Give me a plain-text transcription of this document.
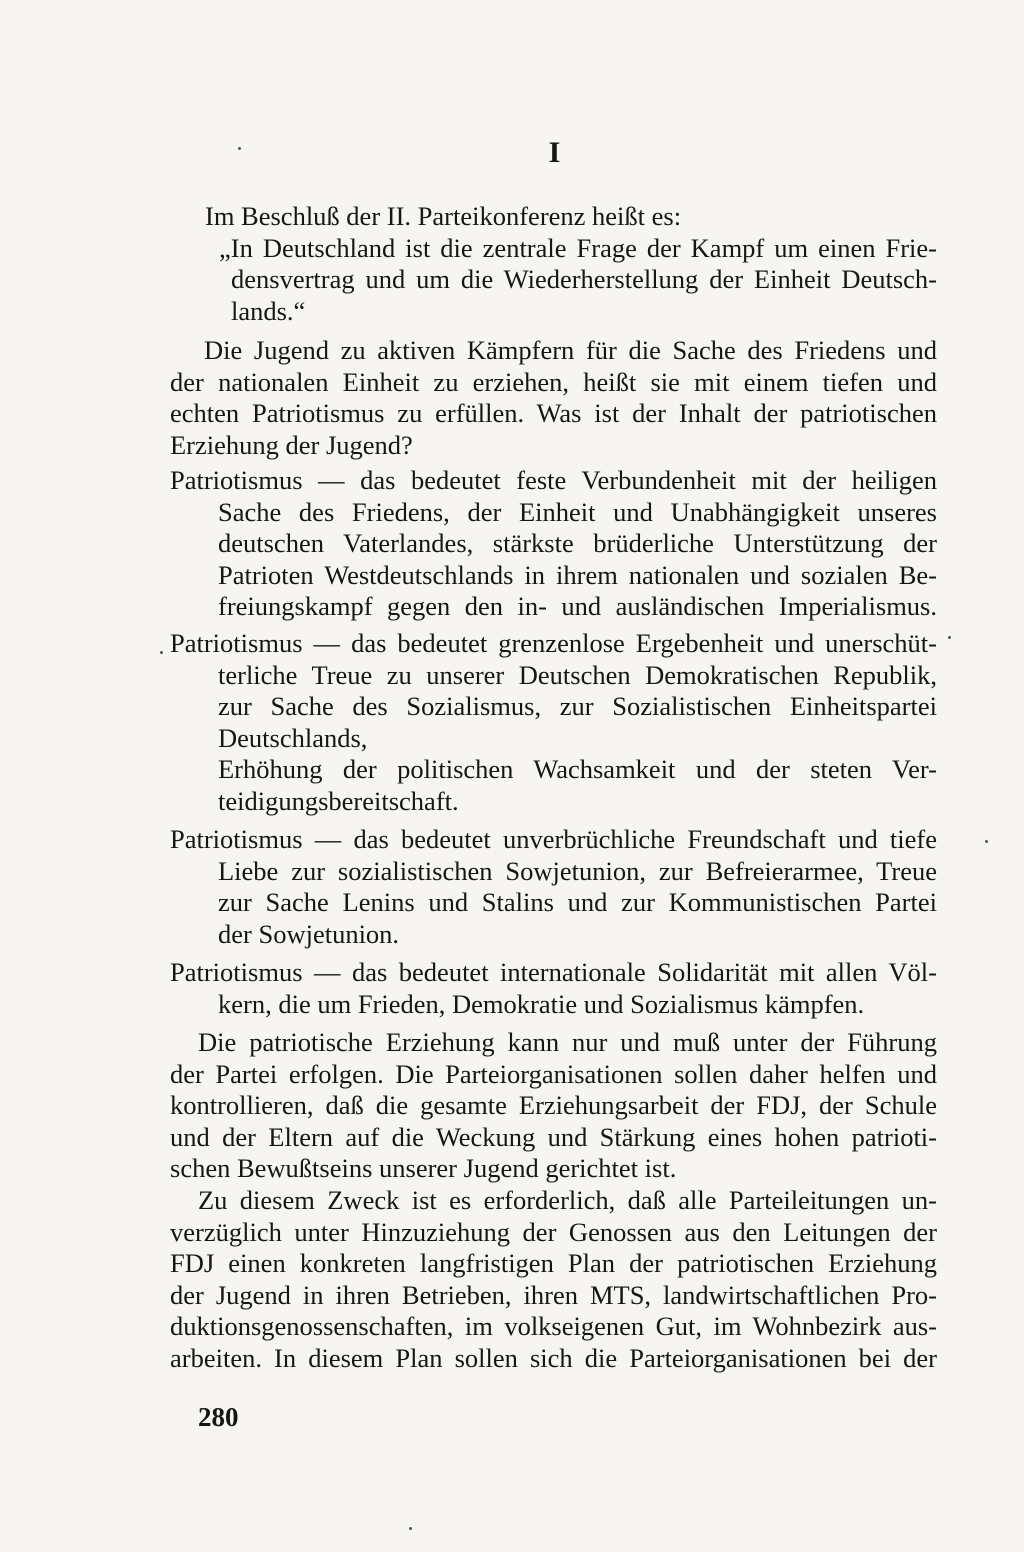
I
Im Beschluß der II. Parteikonferenz heißt es:
„In Deutschland ist die zentrale Frage der Kampf um einen Frie-
densvertrag und um die Wiederherstellung der Einheit Deutsch-
lands.“
Die Jugend zu aktiven Kämpfern für die Sache des Friedens und
der nationalen Einheit zu erziehen, heißt sie mit einem tiefen und
echten Patriotismus zu erfüllen. Was ist der Inhalt der patriotischen
Erziehung der Jugend?
Patriotismus — das bedeutet feste Verbundenheit mit der heiligen
Sache des Friedens, der Einheit und Unabhängigkeit unseres
deutschen Vaterlandes, stärkste brüderliche Unterstützung der
Patrioten Westdeutschlands in ihrem nationalen und sozialen Be-
freiungskampf gegen den in- und ausländischen Imperialismus.
Patriotismus — das bedeutet grenzenlose Ergebenheit und unerschüt-
terliche Treue zu unserer Deutschen Demokratischen Republik,
zur Sache des Sozialismus, zur Sozialistischen Einheitspartei
Deutschlands,
Erhöhung der politischen Wachsamkeit und der steten Ver-
teidigungsbereitschaft.
Patriotismus — das bedeutet unverbrüchliche Freundschaft und tiefe
Liebe zur sozialistischen Sowjetunion, zur Befreierarmee, Treue
zur Sache Lenins und Stalins und zur Kommunistischen Partei
der Sowjetunion.
Patriotismus — das bedeutet internationale Solidarität mit allen Völ-
kern, die um Frieden, Demokratie und Sozialismus kämpfen.
Die patriotische Erziehung kann nur und muß unter der Führung
der Partei erfolgen. Die Parteiorganisationen sollen daher helfen und
kontrollieren, daß die gesamte Erziehungsarbeit der FDJ, der Schule
und der Eltern auf die Weckung und Stärkung eines hohen patrioti-
schen Bewußtseins unserer Jugend gerichtet ist.
Zu diesem Zweck ist es erforderlich, daß alle Parteileitungen un-
verzüglich unter Hinzuziehung der Genossen aus den Leitungen der
FDJ einen konkreten langfristigen Plan der patriotischen Erziehung
der Jugend in ihren Betrieben, ihren MTS, landwirtschaftlichen Pro-
duktionsgenossenschaften, im volkseigenen Gut, im Wohnbezirk aus-
arbeiten. In diesem Plan sollen sich die Parteiorganisationen bei der
280
